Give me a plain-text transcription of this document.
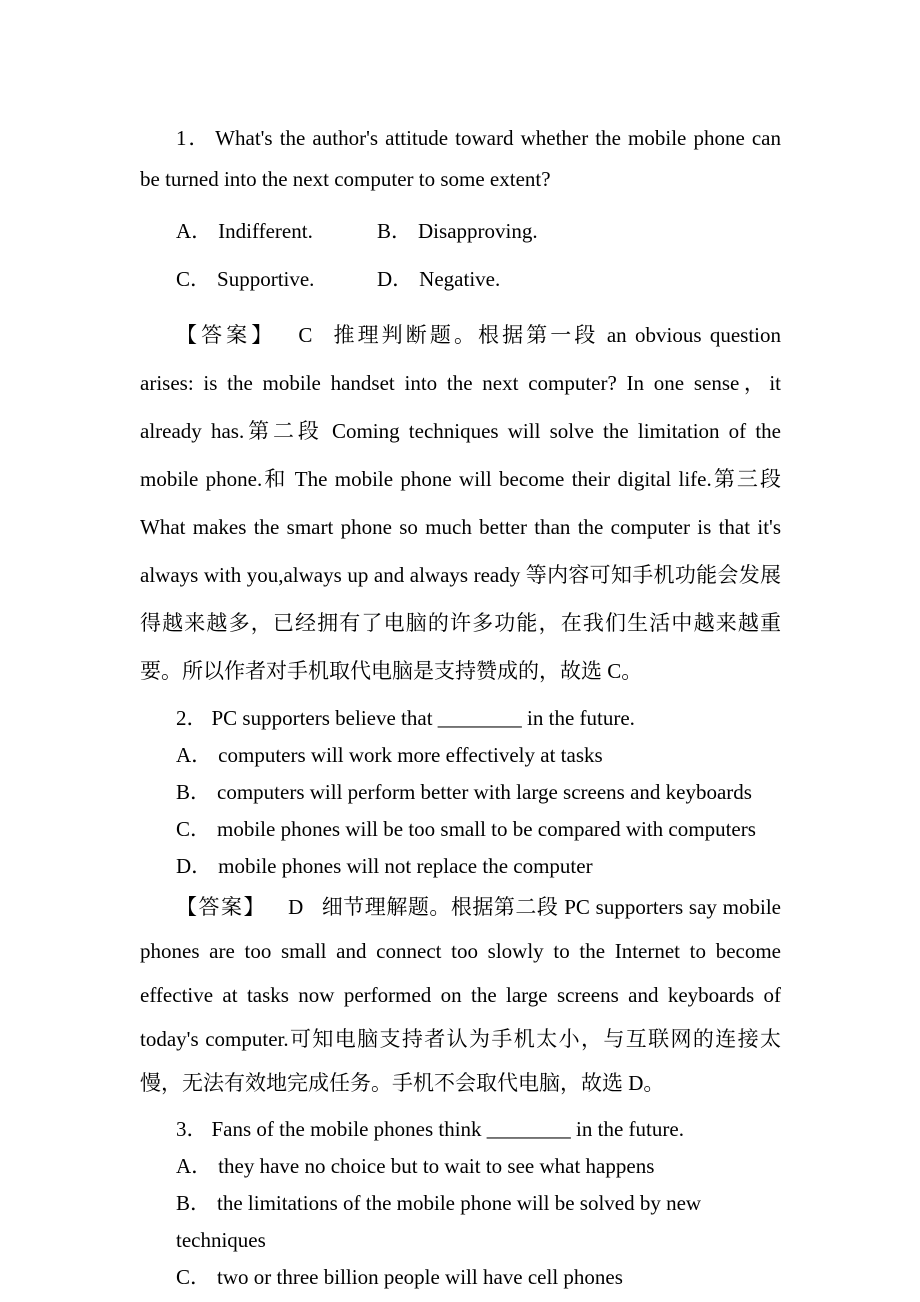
1． What's the author's attitude toward whether the mobile phone can be turned into the next computer to some extent?

A． Indifferent.	B． Disapproving.
C． Supportive.	D． Negative.

【答案】 C 推理判断题。根据第一段 an obvious question arises: is the mobile handset into the next computer? In one sense，it already has.第二段 Coming techniques will solve the limitation of the mobile phone.和 The mobile phone will become their digital life.第三段 What makes the smart phone so much better than the computer is that it's always with you,always up and always ready 等内容可知手机功能会发展得越来越多，已经拥有了电脑的许多功能，在我们生活中越来越重要。所以作者对手机取代电脑是支持赞成的，故选 C。

2． PC supporters believe that ________ in the future.

A． computers will work more effectively at tasks

B． computers will perform better with large screens and keyboards

C． mobile phones will be too small to be compared with computers

D． mobile phones will not replace the computer

【答案】 D 细节理解题。根据第二段 PC supporters say mobile phones are too small and connect too slowly to the Internet to become effective at tasks now performed on the large screens and keyboards of today's computer.可知电脑支持者认为手机太小，与互联网的连接太慢，无法有效地完成任务。手机不会取代电脑，故选 D。

3． Fans of the mobile phones think ________ in the future.

A． they have no choice but to wait to see what happens

B． the limitations of the mobile phone will be solved by new techniques

C． two or three billion people will have cell phones
